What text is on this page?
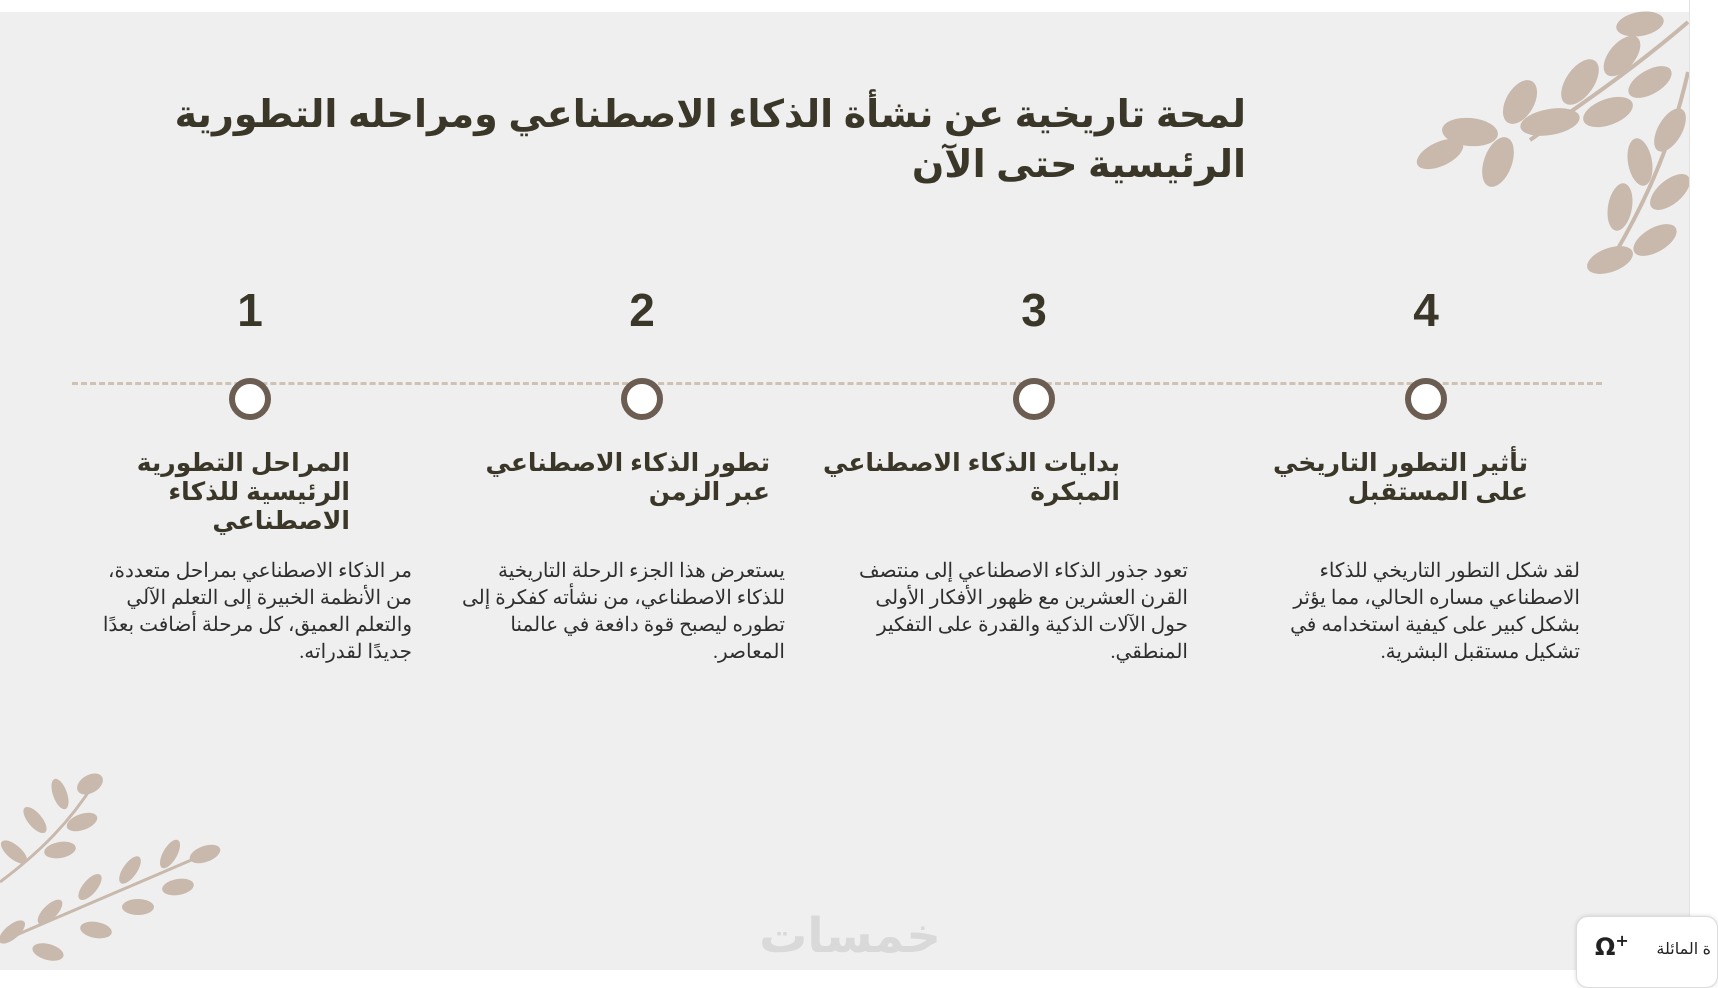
لمحة تاريخية عن نشأة الذكاء الاصطناعي ومراحله التطورية الرئيسية حتى الآن
1
المراحل التطورية الرئيسية للذكاء الاصطناعي

مر الذكاء الاصطناعي بمراحل متعددة، من الأنظمة الخبيرة إلى التعلم الآلي والتعلم العميق، كل مرحلة أضافت بعدًا جديدًا لقدراته.

2
تطور الذكاء الاصطناعي عبر الزمن

يستعرض هذا الجزء الرحلة التاريخية للذكاء الاصطناعي، من نشأته كفكرة إلى تطوره ليصبح قوة دافعة في عالمنا المعاصر.

3
بدايات الذكاء الاصطناعي المبكرة

تعود جذور الذكاء الاصطناعي إلى منتصف القرن العشرين مع ظهور الأفكار الأولى حول الآلات الذكية والقدرة على التفكير المنطقي.

4
تأثير التطور التاريخي على المستقبل

لقد شكل التطور التاريخي للذكاء الاصطناعي مساره الحالي، مما يؤثر بشكل كبير على كيفية استخدامه في تشكيل مستقبل البشرية.

خمسات	Ω+	ة المائلة
